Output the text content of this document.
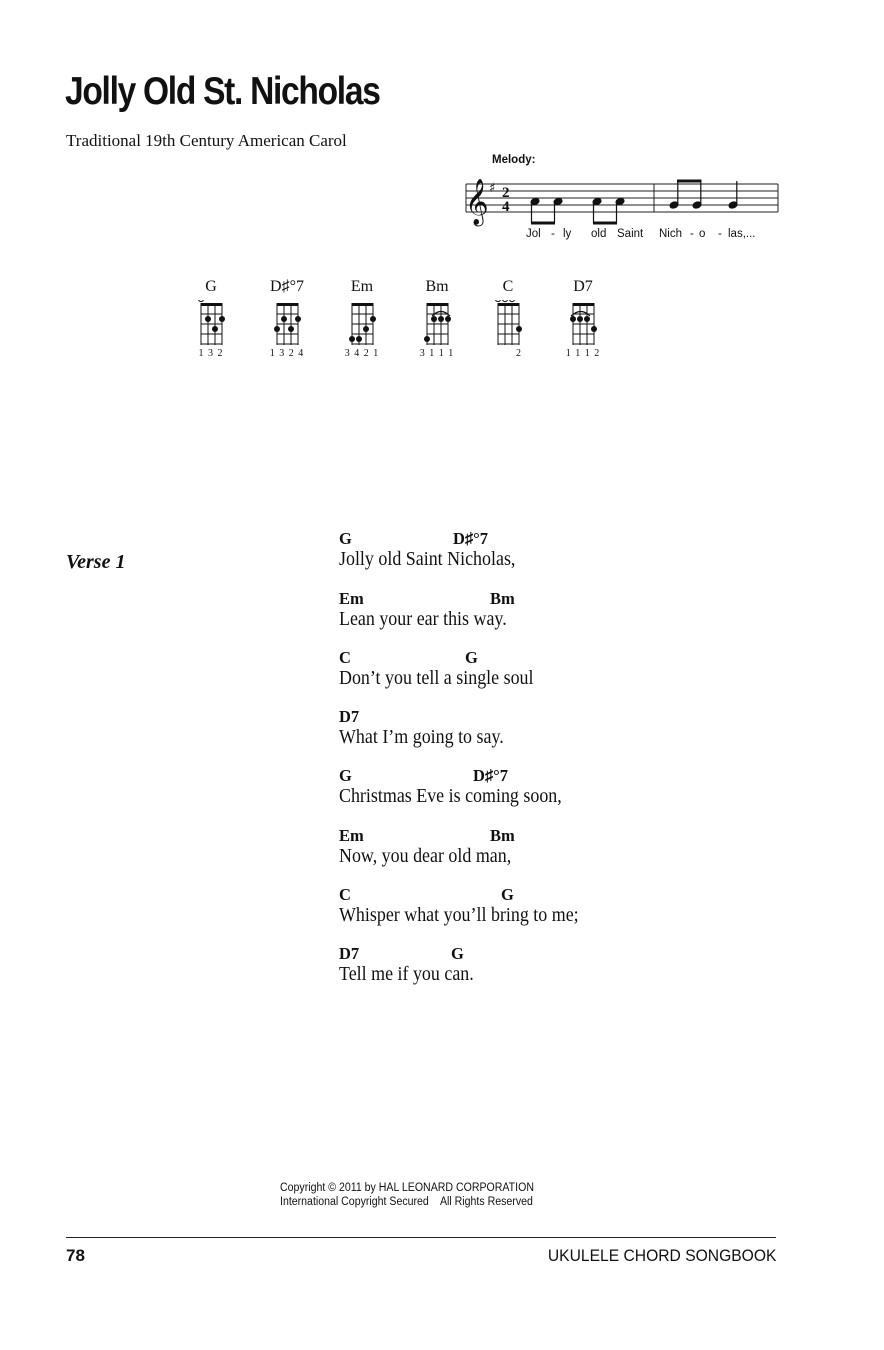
Jolly Old St. Nicholas
Traditional 19th Century American Carol
Melody:
𝄞 ♯ 2
4
Jol - ly old Saint Nich - o - las,...
G
1 3 2
D♯°7
1 3 2 4
Em
3 4 2 1
Bm
3 1 1 1
C
2
D7
1 1 1 2
Verse 1
G	D♯°7
Jolly old Saint Nicholas,
Em	Bm
Lean your ear this way.
C	G
Don’t you tell a single soul
D7
What I’m going to say.
G	D♯°7
Christmas Eve is coming soon,
Em	Bm
Now, you dear old man,
C	G
Whisper what you’ll bring to me;
D7	G
Tell me if you can.
Copyright © 2011 by HAL LEONARD CORPORATION
International Copyright Secured    All Rights Reserved
78	UKULELE CHORD SONGBOOK
